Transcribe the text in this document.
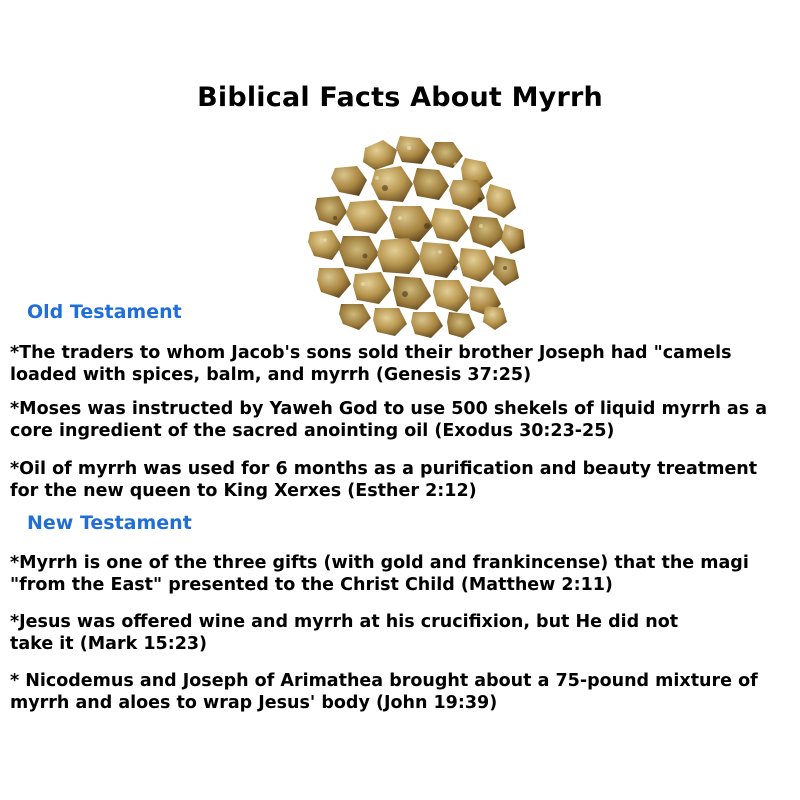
Biblical Facts About Myrrh
Old Testament
*The traders to whom Jacob's sons sold their brother Joseph had "camels
loaded with spices, balm, and myrrh (Genesis 37:25)
*Moses was instructed by Yaweh God to use 500 shekels of liquid myrrh as a
core ingredient of the sacred anointing oil (Exodus 30:23-25)
*Oil of myrrh was used for 6 months as a purification and beauty treatment
for the new queen to King Xerxes (Esther 2:12)
New Testament
*Myrrh is one of the three gifts (with gold and frankincense) that the magi
"from the East" presented to the Christ Child (Matthew 2:11)
*Jesus was offered wine and myrrh at his crucifixion, but He did not
take it (Mark 15:23)
* Nicodemus and Joseph of Arimathea brought about a 75-pound mixture of
myrrh and aloes to wrap Jesus' body (John 19:39)
